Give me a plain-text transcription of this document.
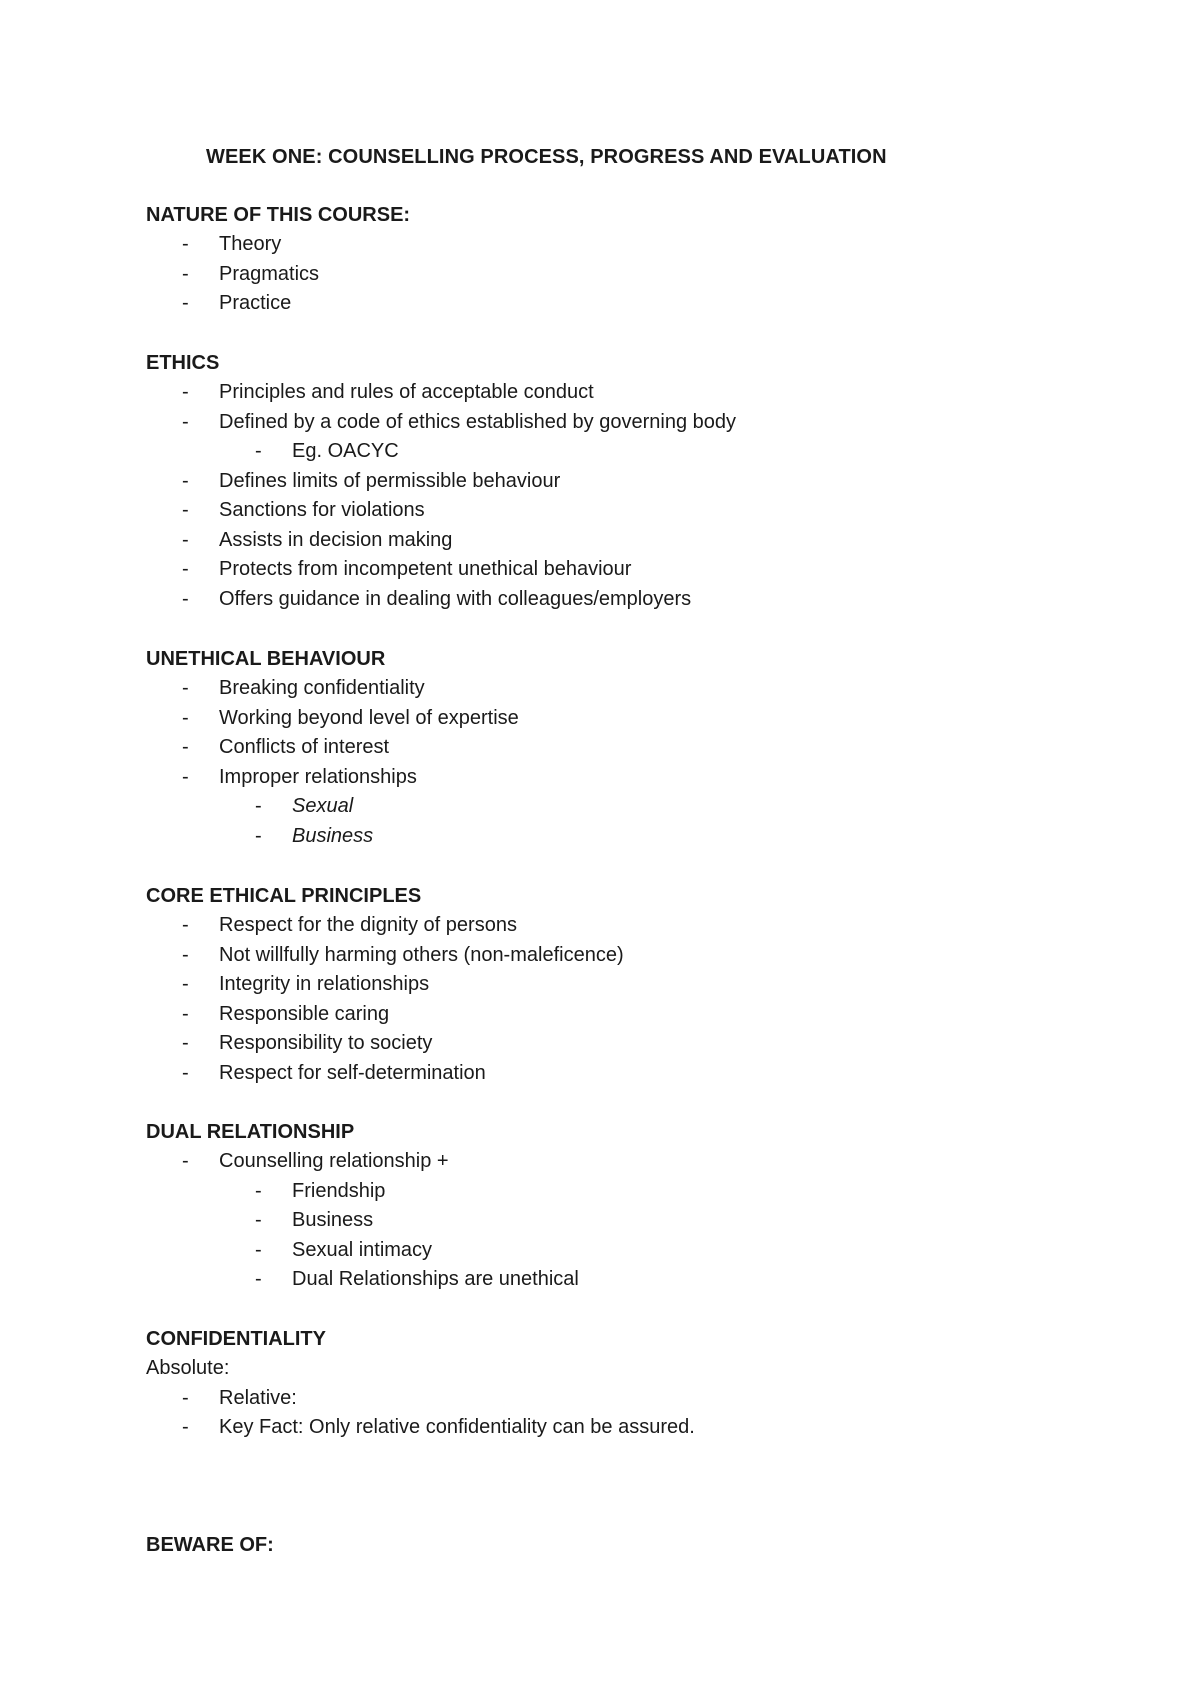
WEEK ONE: COUNSELLING PROCESS, PROGRESS AND EVALUATION
NATURE OF THIS COURSE:
- Theory
- Pragmatics
- Practice
ETHICS
- Principles and rules of acceptable conduct
- Defined by a code of ethics established by governing body
- Eg. OACYC
- Defines limits of permissible behaviour
- Sanctions for violations
- Assists in decision making
- Protects from incompetent unethical behaviour
- Offers guidance in dealing with colleagues/employers
UNETHICAL BEHAVIOUR
- Breaking confidentiality
- Working beyond level of expertise
- Conflicts of interest
- Improper relationships
- Sexual
- Business
CORE ETHICAL PRINCIPLES
- Respect for the dignity of persons
- Not willfully harming others (non-maleficence)
- Integrity in relationships
- Responsible caring
- Responsibility to society
- Respect for self-determination
DUAL RELATIONSHIP
- Counselling relationship +
- Friendship
- Business
- Sexual intimacy
- Dual Relationships are unethical
CONFIDENTIALITY
Absolute:
- Relative:
- Key Fact: Only relative confidentiality can be assured.
BEWARE OF:
